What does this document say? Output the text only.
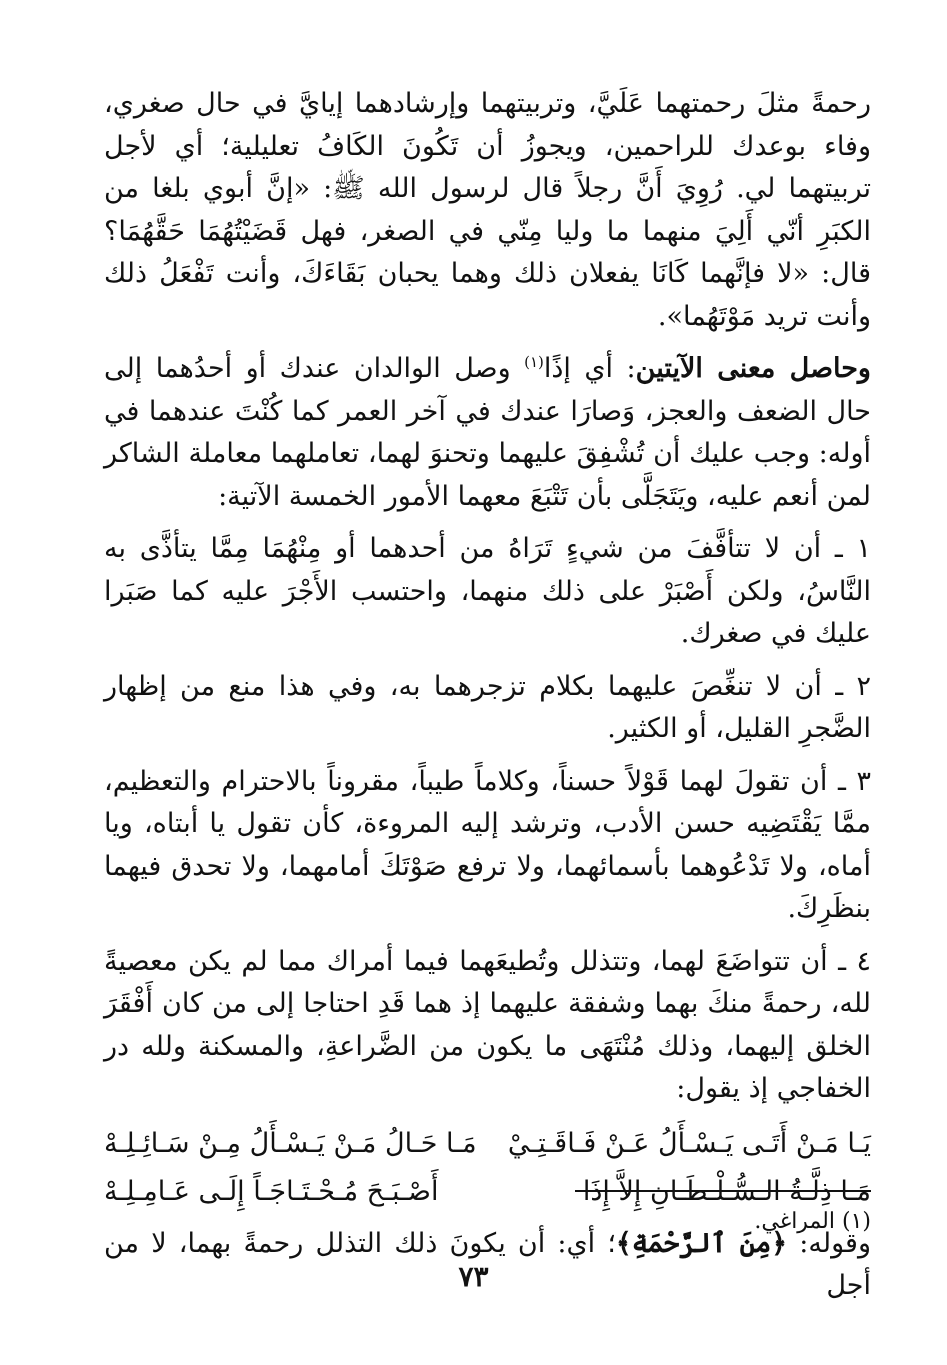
رحمةً مثلَ رحمتهما عَلَيَّ، وتربيتهما وإرشادهما إيايَّ في حال صغري، وفاء بوعدك للراحمين، ويجوزُ أن تَكُونَ الكَافُ تعليلية؛ أي لأجل تربيتهما لي. رُوِيَ أَنَّ رجلاً قال لرسول الله ﷺ: «إنَّ أبوي بلغا من الكبَرِ أنّي أَلِيَ منهما ما وليا مِنّي في الصغر، فهل قَضَيْتُهُمَا حَقَّهُمَا؟ قال: «لا فإنَّهما كَانَا يفعلان ذلك وهما يحبان بَقَاءَكَ، وأنت تَفْعَلُ ذلك وأنت تريد مَوْتَهُما».

وحاصل معنى الآيتين: أي إذًا$^{(١)}$ وصل الوالدان عندك أو أحدُهما إلى حال الضعف والعجز، وَصارَا عندك في آخر العمر كما كُنْتَ عندهما في أوله: وجب عليك أن تُشْفِقَ عليهما وتحنوَ لهما، تعاملهما معاملة الشاكر لمن أنعم عليه، ويَتَجَلَّى بأن تَتْبَعَ معهما الأمور الخمسة الآتية:

١ ـ أن لا تتأفَّفَ من شيءٍ تَرَاهُ من أحدهما أو مِنْهُمَا مِمَّا يتأذَّى به النَّاسُ، ولكن أَصْبَرْ على ذلك منهما، واحتسب الأَجْرَ عليه كما صَبَرا عليك في صغرك.

٢ ـ أن لا تنغِّصَ عليهما بكلام تزجرهما به، وفي هذا منع من إظهار الضَّجرِ القليل، أو الكثير.

٣ ـ أن تقولَ لهما قَوْلاً حسناً، وكلاماً طيباً، مقروناً بالاحترام والتعظيم، ممَّا يَقْتَضِيه حسن الأدب، وترشد إليه المروءة، كأن تقول يا أبتاه، ويا أماه، ولا تَدْعُوهما بأسمائهما، ولا ترفع صَوْتَكَ أمامهما، ولا تحدق فيهما بنظَرِكَ.

٤ ـ أن تتواضَعَ لهما، وتتذلل وتُطيعَهما فيما أمراك مما لم يكن معصيةً لله، رحمةً منكَ بهما وشفقة عليهما إذ هما قَدِ احتاجا إلى من كان أَفْقَرَ الخلق إليهما، وذلك مُنْتَهَى ما يكون من الضَّراعةِ، والمسكنة ولله در الخفاجي إذ يقول:

يَـا مَـنْ أَتَـى يَـسْـأَلُ عَـنْ فَـاقَـتِـيْ
مَـا حَـالُ مَـنْ يَـسْـأَلُ مِـنْ سَـائِـلِـهْ
مَـا ذِلَّـةُ الـسُّـلْـطَـانِ إِلاَّ إِذَا
أَصْـبَـحَ مُـحْـتَـاجَـاً إِلَـى عَـامِـلِـهْ

وقوله: ﴿مِنَ ٱلرَّحْمَةِ﴾؛ أي: أن يكونَ ذلك التذلل رحمةً بهما، لا من أجل

(١) المراغي.
٧٣
